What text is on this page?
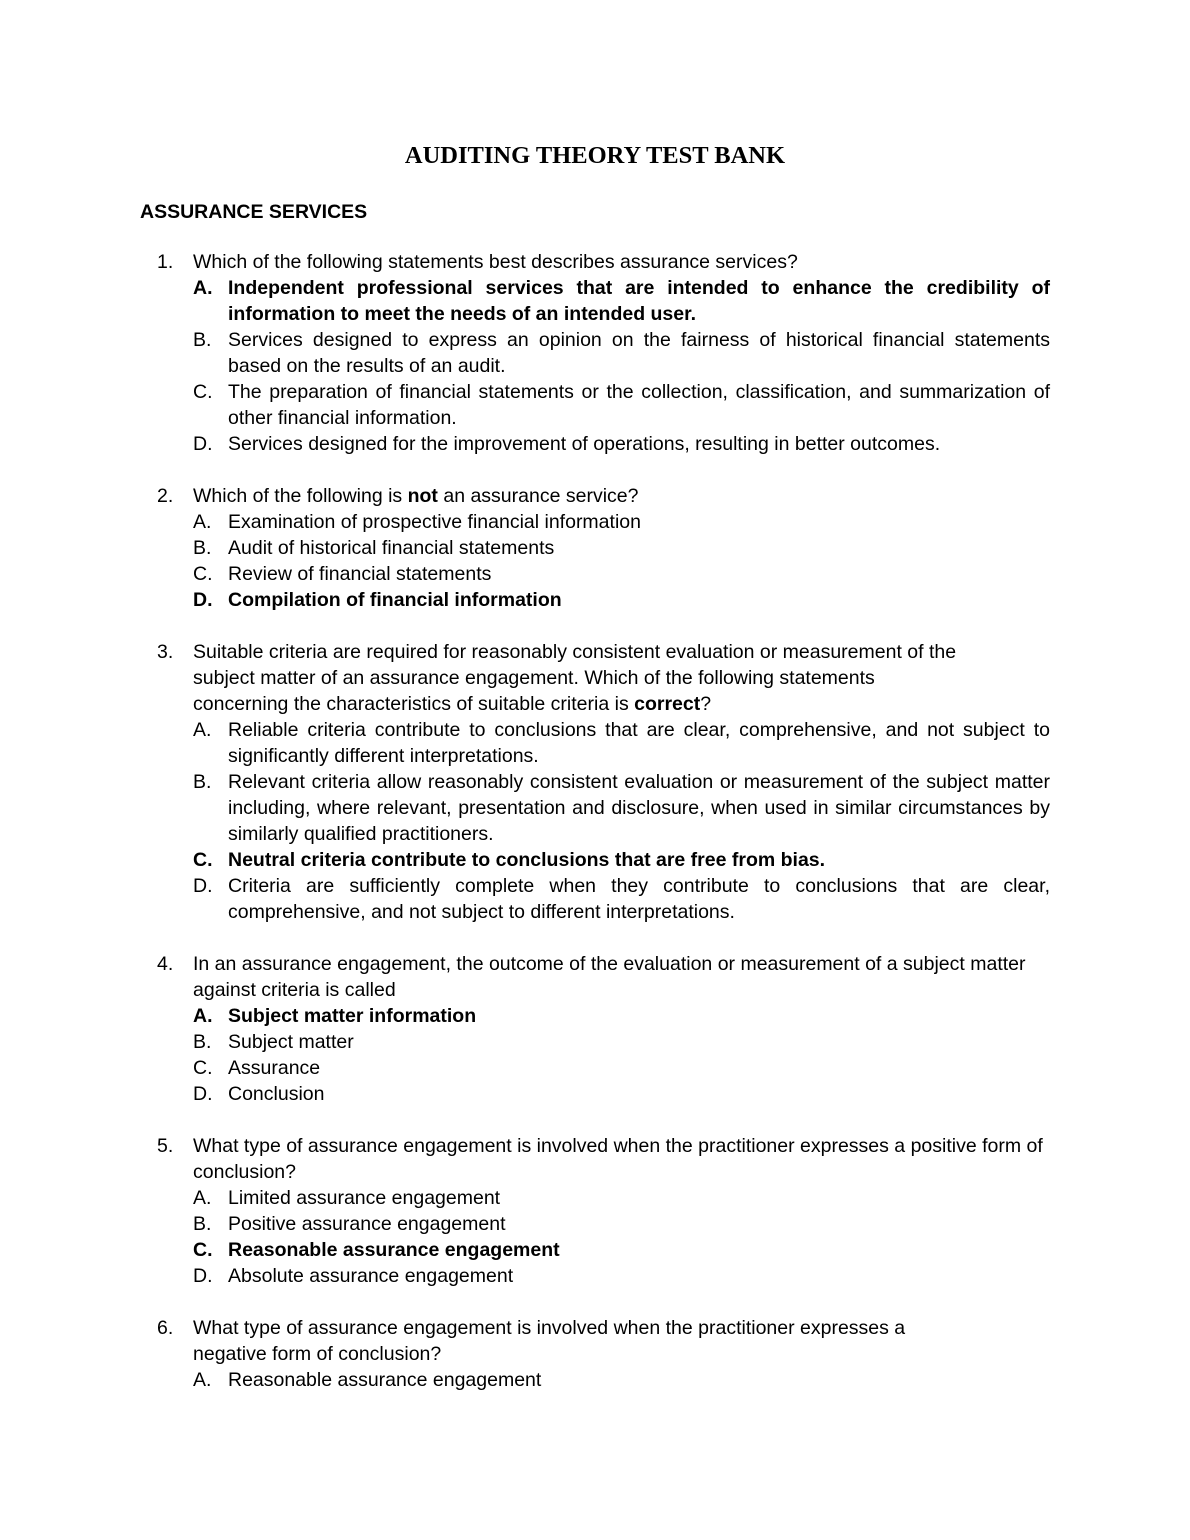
AUDITING THEORY TEST BANK
ASSURANCE SERVICES
1. Which of the following statements best describes assurance services?
A. Independent professional services that are intended to enhance the credibility of information to meet the needs of an intended user.
B. Services designed to express an opinion on the fairness of historical financial statements based on the results of an audit.
C. The preparation of financial statements or the collection, classification, and summarization of other financial information.
D. Services designed for the improvement of operations, resulting in better outcomes.
2. Which of the following is not an assurance service?
A. Examination of prospective financial information
B. Audit of historical financial statements
C. Review of financial statements
D. Compilation of financial information
3. Suitable criteria are required for reasonably consistent evaluation or measurement of the
subject matter of an assurance engagement. Which of the following statements
concerning the characteristics of suitable criteria is correct?
A. Reliable criteria contribute to conclusions that are clear, comprehensive, and not subject to significantly different interpretations.
B. Relevant criteria allow reasonably consistent evaluation or measurement of the subject matter including, where relevant, presentation and disclosure, when used in similar circumstances by similarly qualified practitioners.
C. Neutral criteria contribute to conclusions that are free from bias.
D. Criteria are sufficiently complete when they contribute to conclusions that are clear, comprehensive, and not subject to different interpretations.
4. In an assurance engagement, the outcome of the evaluation or measurement of a subject matter against criteria is called
A. Subject matter information
B. Subject matter
C. Assurance
D. Conclusion
5. What type of assurance engagement is involved when the practitioner expresses a positive form of conclusion?
A. Limited assurance engagement
B. Positive assurance engagement
C. Reasonable assurance engagement
D. Absolute assurance engagement
6. What type of assurance engagement is involved when the practitioner expresses a
negative form of conclusion?
A. Reasonable assurance engagement
